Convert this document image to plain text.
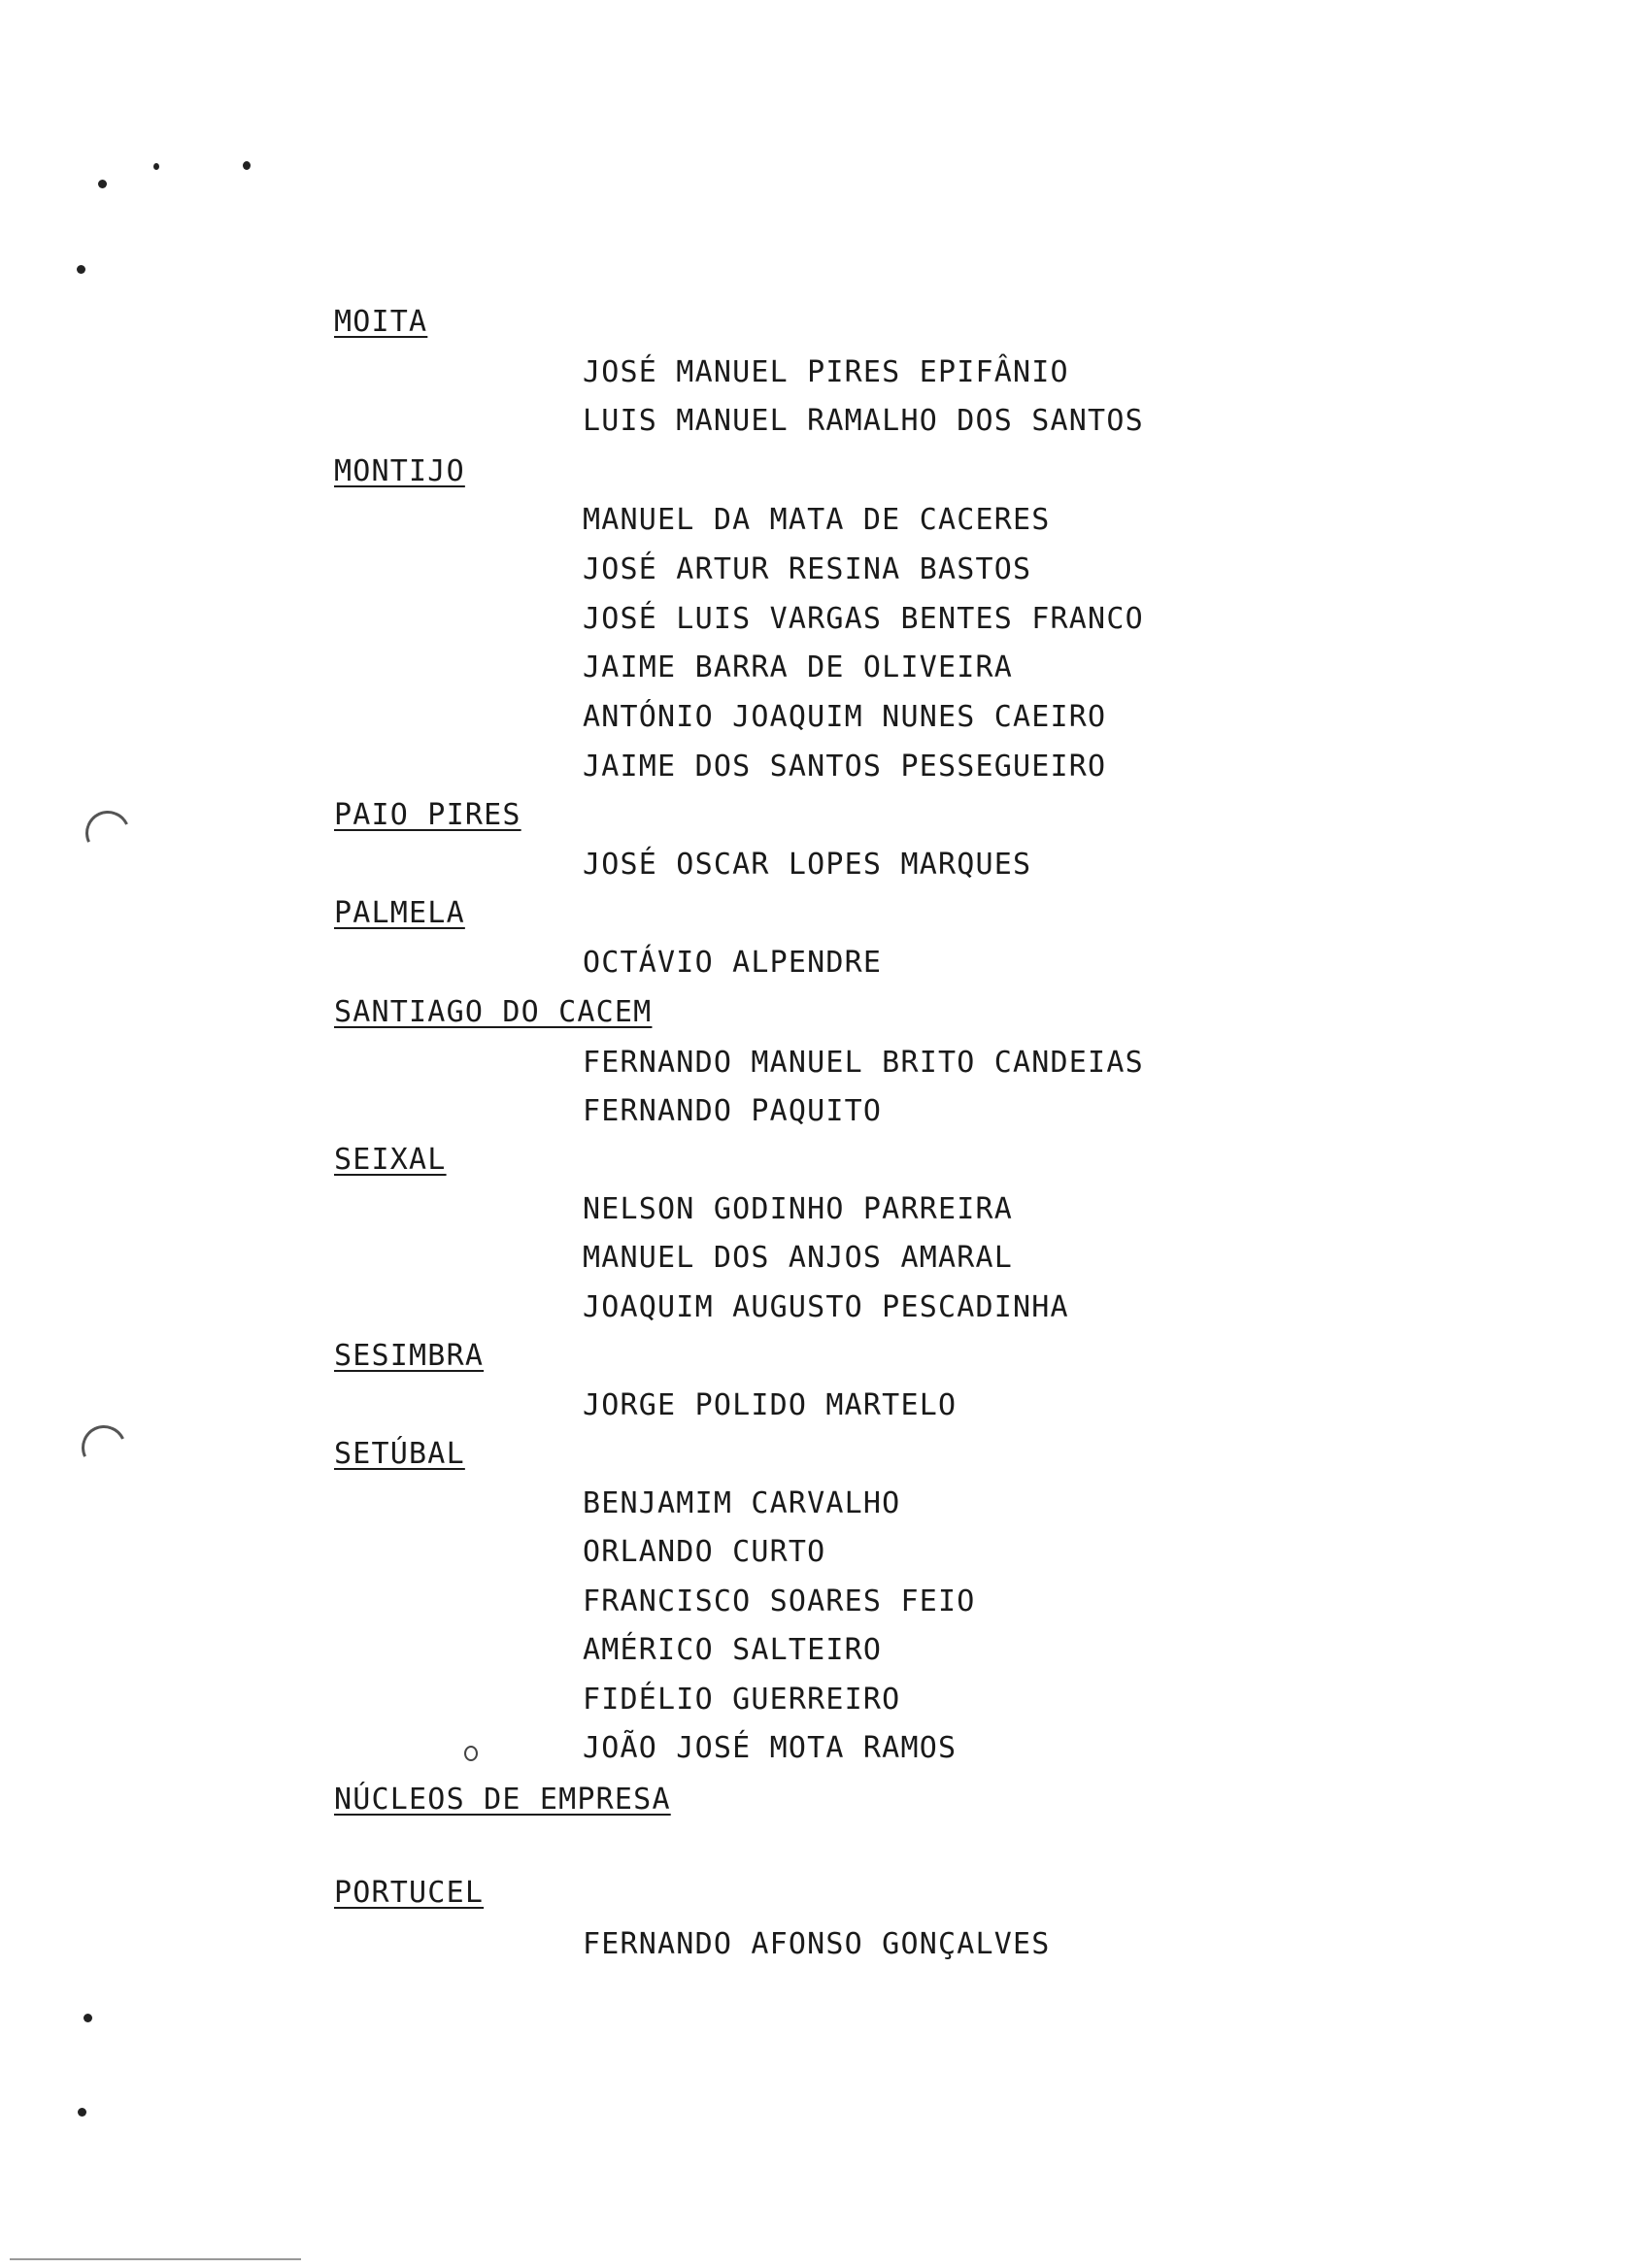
MOITA
JOSÉ MANUEL PIRES EPIFÂNIO
LUIS MANUEL RAMALHO DOS SANTOS
MONTIJO
MANUEL DA MATA DE CACERES
JOSÉ ARTUR RESINA BASTOS
JOSÉ LUIS VARGAS BENTES FRANCO
JAIME BARRA DE OLIVEIRA
ANTÓNIO JOAQUIM NUNES CAEIRO
JAIME DOS SANTOS PESSEGUEIRO
PAIO PIRES
JOSÉ OSCAR LOPES MARQUES
PALMELA
OCTÁVIO ALPENDRE
SANTIAGO DO CACEM
FERNANDO MANUEL BRITO CANDEIAS
FERNANDO PAQUITO
SEIXAL
NELSON GODINHO PARREIRA
MANUEL DOS ANJOS AMARAL
JOAQUIM AUGUSTO PESCADINHA
SESIMBRA
JORGE POLIDO MARTELO
SETÚBAL
BENJAMIM CARVALHO
ORLANDO CURTO
FRANCISCO SOARES FEIO
AMÉRICO SALTEIRO
FIDÉLIO GUERREIRO
JOÃO JOSÉ MOTA RAMOS
NÚCLEOS DE EMPRESA
PORTUCEL
FERNANDO AFONSO GONÇALVES
